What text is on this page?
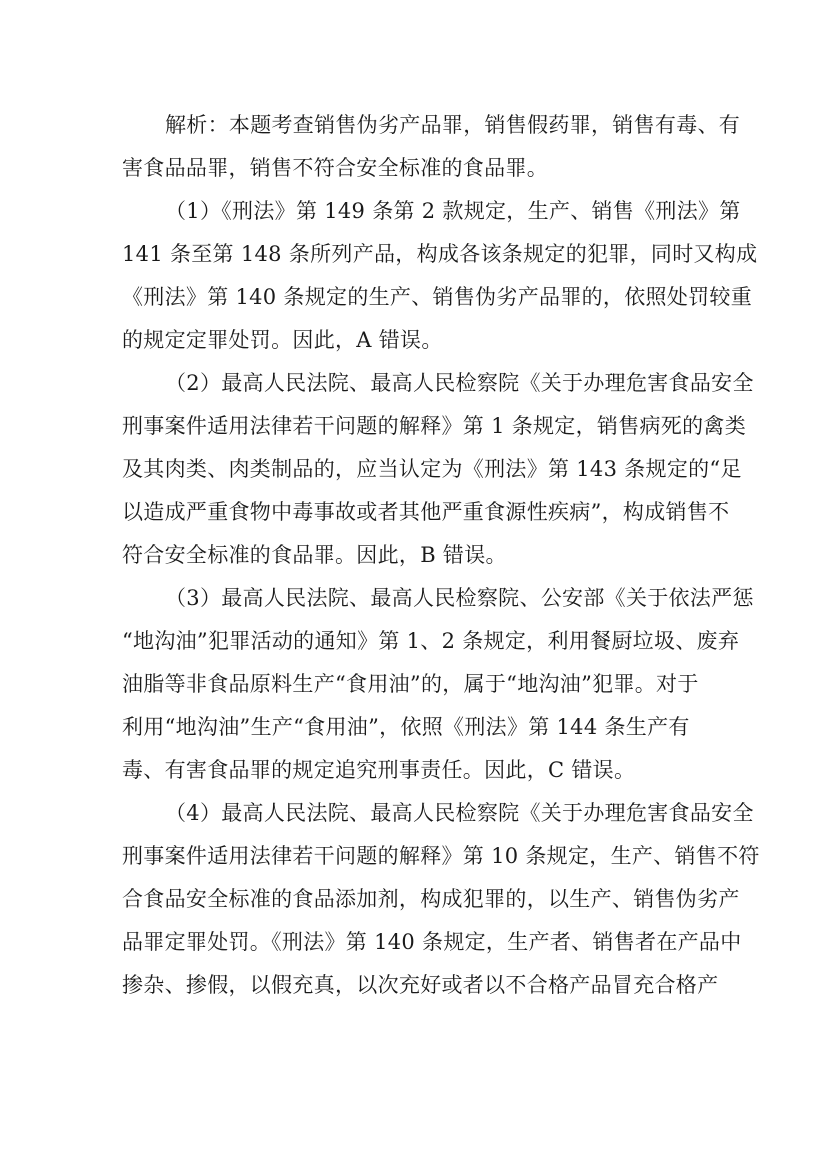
解析：本题考查销售伪劣产品罪，销售假药罪，销售有毒、有
害食品品罪，销售不符合安全标准的食品罪。
（1）《刑法》第 149 条第 2 款规定，生产、销售《刑法》第
141 条至第 148 条所列产品，构成各该条规定的犯罪，同时又构成
《刑法》第 140 条规定的生产、销售伪劣产品罪的，依照处罚较重
的规定定罪处罚。因此，A 错误。
（2）最高人民法院、最高人民检察院《关于办理危害食品安全
刑事案件适用法律若干问题的解释》第 1 条规定，销售病死的禽类
及其肉类、肉类制品的，应当认定为《刑法》第 143 条规定的“足
以造成严重食物中毒事故或者其他严重食源性疾病”，构成销售不
符合安全标准的食品罪。因此，B 错误。
（3）最高人民法院、最高人民检察院、公安部《关于依法严惩
“地沟油”犯罪活动的通知》第 1、2 条规定，利用餐厨垃圾、废弃
油脂等非食品原料生产“食用油”的，属于“地沟油”犯罪。对于
利用“地沟油”生产“食用油”，依照《刑法》第 144 条生产有
毒、有害食品罪的规定追究刑事责任。因此，C 错误。
（4）最高人民法院、最高人民检察院《关于办理危害食品安全
刑事案件适用法律若干问题的解释》第 10 条规定，生产、销售不符
合食品安全标准的食品添加剂，构成犯罪的，以生产、销售伪劣产
品罪定罪处罚。《刑法》第 140 条规定，生产者、销售者在产品中
掺杂、掺假，以假充真，以次充好或者以不合格产品冒充合格产
